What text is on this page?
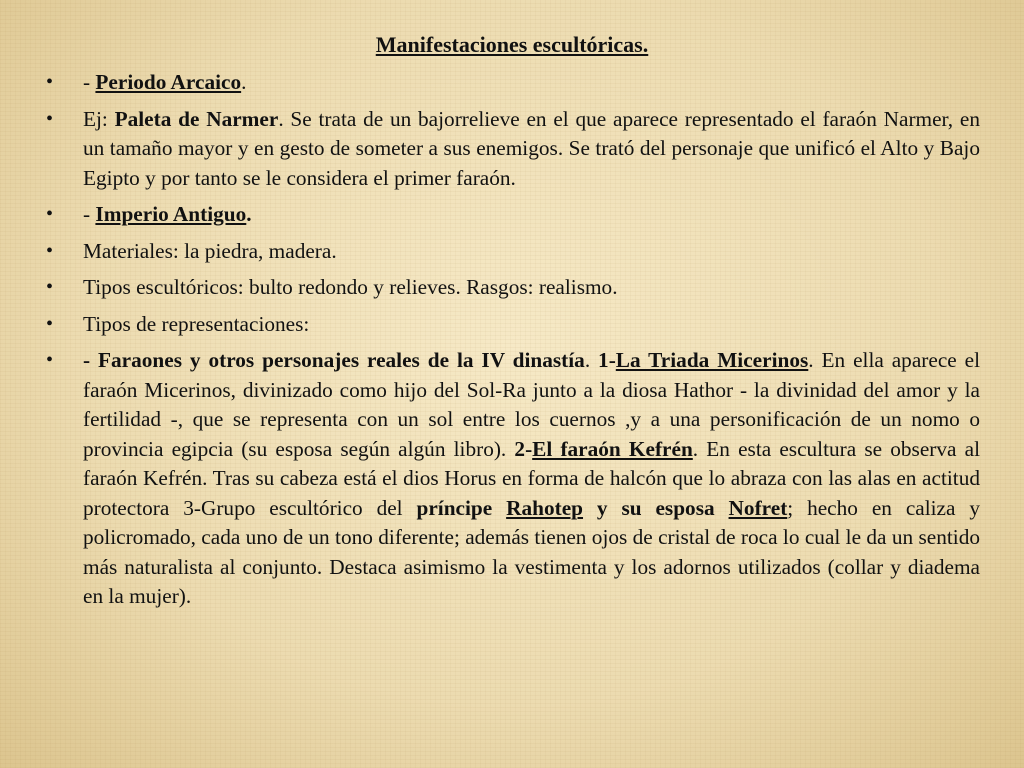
Manifestaciones escultóricas.
• - Periodo Arcaico.
• Ej: Paleta de Narmer. Se trata de un bajorrelieve en el que aparece representado el faraón Narmer, en un tamaño mayor y en gesto de someter a sus enemigos. Se trató del personaje que unificó el Alto y Bajo Egipto y por tanto se le considera el primer faraón.
• - Imperio Antiguo.
• Materiales: la piedra, madera.
• Tipos escultóricos: bulto redondo y relieves. Rasgos: realismo.
• Tipos de representaciones:
• - Faraones y otros personajes reales de la IV dinastía. 1-La Triada Micerinos. En ella aparece el faraón Micerinos, divinizado como hijo del Sol-Ra junto a la diosa Hathor - la divinidad del amor y la fertilidad -, que se representa con un sol entre los cuernos ,y a una personificación de un nomo o provincia egipcia (su esposa según algún libro). 2-El faraón Kefrén. En esta escultura se observa al faraón Kefrén. Tras su cabeza está el dios Horus en forma de halcón que lo abraza con las alas en actitud protectora 3-Grupo escultórico del príncipe Rahotep y su esposa Nofret; hecho en caliza y policromado, cada uno de un tono diferente; además tienen ojos de cristal de roca lo cual le da un sentido más naturalista al conjunto. Destaca asimismo la vestimenta y los adornos utilizados (collar y diadema en la mujer).
